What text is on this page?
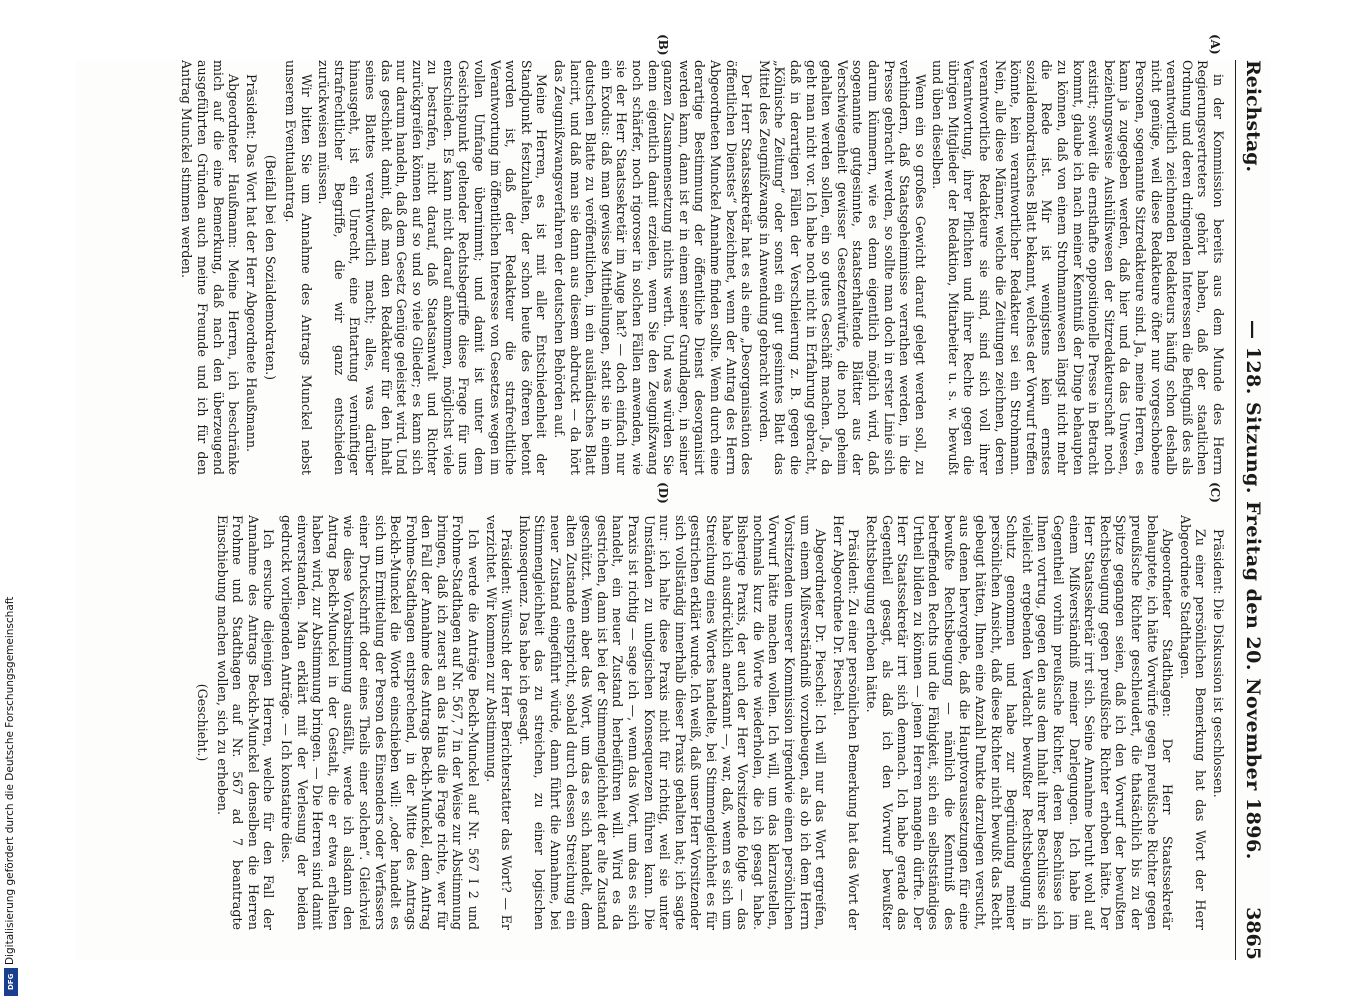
Reichstag.
— 128. Sitzung. Freitag den 20. November 1896.
3865
(A)
(B)
(C)
(D)

in der Kommission bereits aus dem Munde des Herrn Regierungsvertreters gehört haben, daß der staatlichen Ordnung und deren dringenden Interessen die Befugniß des als verantwortlich zeichnenden Redakteurs häufig schon deshalb nicht genüge, weil diese Redakteure öfter nur vorgeschobene Personen, sogenannte Sitzredakteure sind. Ja, meine Herren, es kann ja zugegeben werden, daß hier und da das Unwesen, beziehungsweise Aushülfswesen der Sitzredakteurschaft noch existirt; soweit die ernsthafte oppositionelle Presse in Betracht kommt, glaube ich nach meiner Kenntniß der Dinge behaupten zu können, daß von einem Strohmannwesen längst nicht mehr die Rede ist. Mir ist wenigstens kein ernstes sozialdemokratisches Blatt bekannt, welches der Vorwurf treffen könnte, kein verantwortlicher Redakteur sei ein Strohmann. Nein, alle diese Männer, welche die Zeitungen zeichnen, deren verantwortliche Redakteure sie sind, sind sich voll ihrer Verantwortung, ihrer Pflichten und ihrer Rechte gegen die übrigen Mitglieder der Redaktion, Mitarbeiter u. s. w. bewußt und üben dieselben.

Wenn ein so großes Gewicht darauf gelegt werden soll, zu verhindern, daß Staatsgeheimnisse verrathen werden, in die Presse gebracht werden, so sollte man doch in erster Linie sich darum kümmern, wie es denn eigentlich möglich wird, daß sogenannte gutgesinnte, staatserhaltende Blätter aus der Verschwiegenheit gewisser Gesetzentwürfe, die noch geheim gehalten werden sollen, ein so gutes Geschäft machen. Ja, da geht man nicht vor. Ich habe noch nicht in Erfahrung gebracht, daß in derartigen Fällen der Verschleierung z. B. gegen die „Kölnische Zeitung“ oder sonst ein gut gesinntes Blatt das Mittel des Zeugnißzwangs in Anwendung gebracht worden.

Der Herr Staatssekretär hat es als eine „Desorganisation des öffentlichen Dienstes“ bezeichnet, wenn der Antrag des Herrn Abgeordneten Munckel Annahme finden sollte. Wenn durch eine derartige Bestimmung der öffentliche Dienst desorganisirt werden kann, dann ist er in einem seiner Grundlagen, in seiner ganzen Zusammensetzung nichts werth. Und was würden Sie denn eigentlich damit erzielen, wenn Sie den Zeugnißzwang noch schärfer, noch rigoroser in solchen Fällen anwenden, wie sie der Herr Staatssekretär im Auge hat? — doch einfach nur ein Exodus: daß man gewisse Mittheilungen, statt sie in einem deutschen Blatte zu veröffentlichen, in ein ausländisches Blatt lancirt, und daß man sie dann aus diesem abdruckt — da hört das Zeugnißzwangsverfahren der deutschen Behörden auf.

Meine Herren, es ist mit aller Entschiedenheit der Standpunkt festzuhalten, der schon heute des öfteren betont worden ist, daß der Redakteur die strafrechtliche Verantwortung im öffentlichen Interesse von Gesetzes wegen im vollen Umfange übernimmt; und damit ist unter dem Gesichtspunkt geltender Rechtsbegriffe diese Frage für uns entschieden. Es kann nicht darauf ankommen, möglichst viele zu bestrafen, nicht darauf, daß Staatsanwalt und Richter zurückgreifen können auf so und so viele Glieder; es kann sich nur darum handeln, daß dem Gesetz Genüge geleistet wird. Und das geschieht damit, daß man den Redakteur für den Inhalt seines Blattes verantwortlich macht; alles, was darüber hinausgeht, ist ein Unrecht, eine Entartung vernünftiger strafrechtlicher Begriffe, die wir ganz entschieden zurückweisen müssen.

Wir bitten Sie um Annahme des Antrags Munckel nebst unserem Eventualantrag.

(Beifall bei den Sozialdemokraten.)

Präsident: Das Wort hat der Herr Abgeordnete Haußmann.

Abgeordneter Haußmann: Meine Herren, ich beschränke mich auf die eine Bemerkung, daß nach den überzeugend ausgeführten Gründen auch meine Freunde und ich für den Antrag Munckel stimmen werden.

Präsident: Die Diskussion ist geschlossen.

Zu einer persönlichen Bemerkung hat das Wort der Herr Abgeordnete Stadthagen.

Abgeordneter Stadthagen: Der Herr Staatssekretär behauptete, ich hätte Vorwürfe gegen preußische Richter gegen preußische Richter geschleudert, die thatsächlich bis zu der Spitze gegangen seien, daß ich den Vorwurf der bewußten Rechtsbeugung gegen preußische Richter erhoben hätte. Der Herr Staatssekretär irrt sich. Seine Annahme beruht wohl auf einem Mißverständniß meiner Darlegungen. Ich habe im Gegentheil vorhin preußische Richter, deren Beschlüsse ich Ihnen vortrug, gegen den aus dem Inhalt ihrer Beschlüsse sich vielleicht ergebenden Verdacht bewußter Rechtsbeugung in Schutz genommen und habe zur Begründung meiner persönlichen Ansicht, daß diese Richter nicht bewußt das Recht gebeugt hätten, Ihnen eine Anzahl Punkte darzulegen versucht, aus denen hervorgehe, daß die Hauptvoraussetzungen für eine bewußte Rechtsbeugung — nämlich die Kenntniß des betreffenden Rechts und die Fähigkeit, sich ein selbstständiges Urtheil bilden zu können — jenen Herren mangeln dürfte. Der Herr Staatssekretär irrt sich demnach. Ich habe gerade das Gegentheil gesagt, als daß ich den Vorwurf bewußter Rechtsbeugung erhoben hätte.

Präsident: Zu einer persönlichen Bemerkung hat das Wort der Herr Abgeordnete Dr. Pieschel.

Abgeordneter Dr. Pieschel: Ich will nur das Wort ergreifen, um einem Mißverständniß vorzubeugen, als ob ich dem Herrn Vorsitzenden unserer Kommission irgendwie einen persönlichen Vorwurf hätte machen wollen. Ich will, um das klarzustellen, nochmals kurz die Worte wiederholen, die ich gesagt habe. Bisherige Praxis, der auch der Herr Vorsitzende folgte — das habe ich ausdrücklich anerkannt —, war, daß, wenn es sich um Streichung eines Wortes handelte, bei Stimmengleichheit es für gestrichen erklärt wurde. Ich weiß, daß unser Herr Vorsitzender sich vollständig innerhalb dieser Praxis gehalten hat; ich sagte nur: ich halte diese Praxis nicht für richtig, weil sie unter Umständen zu unlogischen Konsequenzen führen kann. Die Praxis ist richtig — sage ich —, wenn das Wort, um das es sich handelt, ein neuer Zustand herbeiführen will. Wird es da gestrichen, dann ist bei der Stimmengleichheit der alte Zustand geschützt. Wenn aber das Wort, um das es sich handelt, dem alten Zustande entspricht, sobald durch dessen Streichung ein neuer Zustand eingeführt würde, dann führt die Annahme, bei Stimmengleichheit das zu streichen, zu einer logischen Inkonsequenz. Das habe ich gesagt.

Präsident: Wünscht der Herr Berichterstatter das Wort? — Er verzichtet. Wir kommen zur Abstimmung.

Ich werde die Anträge Beckh-Munckel auf Nr. 567 I 2 und Frohme-Stadthagen auf Nr. 567, 7 in der Weise zur Abstimmung bringen, daß ich zuerst an das Haus die Frage richte, wer für den Fall der Annahme des Antrags Beckh-Munckel, dem Antrag Frohme-Stadthagen entsprechend, in der Mitte des Antrags Beckh-Munckel die Worte einschieben will: „oder handelt es sich um Ermittelung der Person des Einsenders oder Verfassers einer Druckschrift oder eines Theils einer solchen“. Gleichviel wie diese Vorabstimmung ausfällt, werde ich alsdann den Antrag Beckh-Munckel in der Gestalt, die er etwa erhalten haben wird, zur Abstimmung bringen. — Die Herren sind damit einverstanden. Man erklärt mit der Verlesung der beiden gedruckt vorliegenden Anträge. — Ich konstatire dies.

Ich ersuche diejenigen Herren, welche für den Fall der Annahme des Antrags Beckh-Munckel denselben die Herren Frohme und Stadthagen auf Nr. 567 ad 7 beantragte Einschiebung machen wollen, sich zu erheben.

(Geschieht.)

Digitalisierung gefördert durch die Deutsche Forschungsgemeinschaft
DFG
